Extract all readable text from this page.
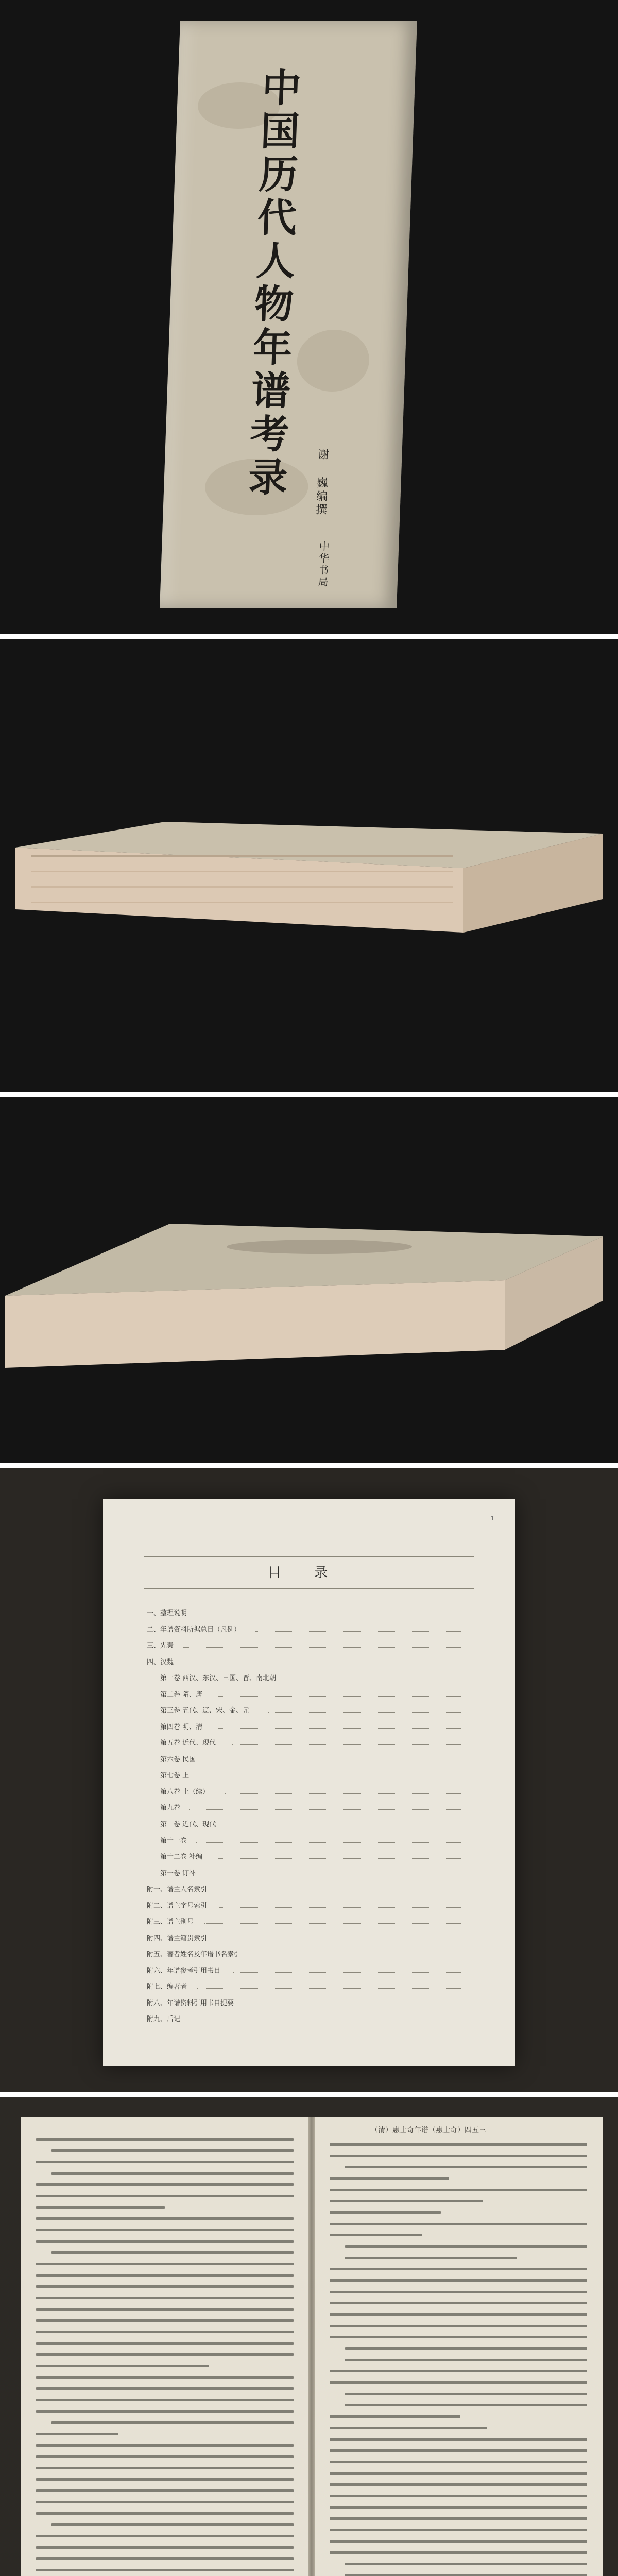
中国历代人物年谱考录 谢 巍编撰
中华书局
1
目 录
一、整理说明
二、年谱资料所据总目（凡例）
三、先秦
四、汉魏
第一卷 西汉、东汉、三国、晋、南北朝
第二卷 隋、唐
第三卷 五代、辽、宋、金、元
第四卷 明、清
第五卷 近代、现代
第六卷 民国
第七卷 上
第八卷 上（续）
第九卷
第十卷 近代、现代
第十一卷
第十二卷 补编
第一卷 订补
附一、谱主人名索引
附二、谱主字号索引
附三、谱主别号
附四、谱主籍贯索引
附五、著者姓名及年谱书名索引
附六、年谱参考引用书目
附七、编著者
附八、年谱资料引用书目提要
附九、后记
（清）惠士奇年谱（惠士奇）四五三
